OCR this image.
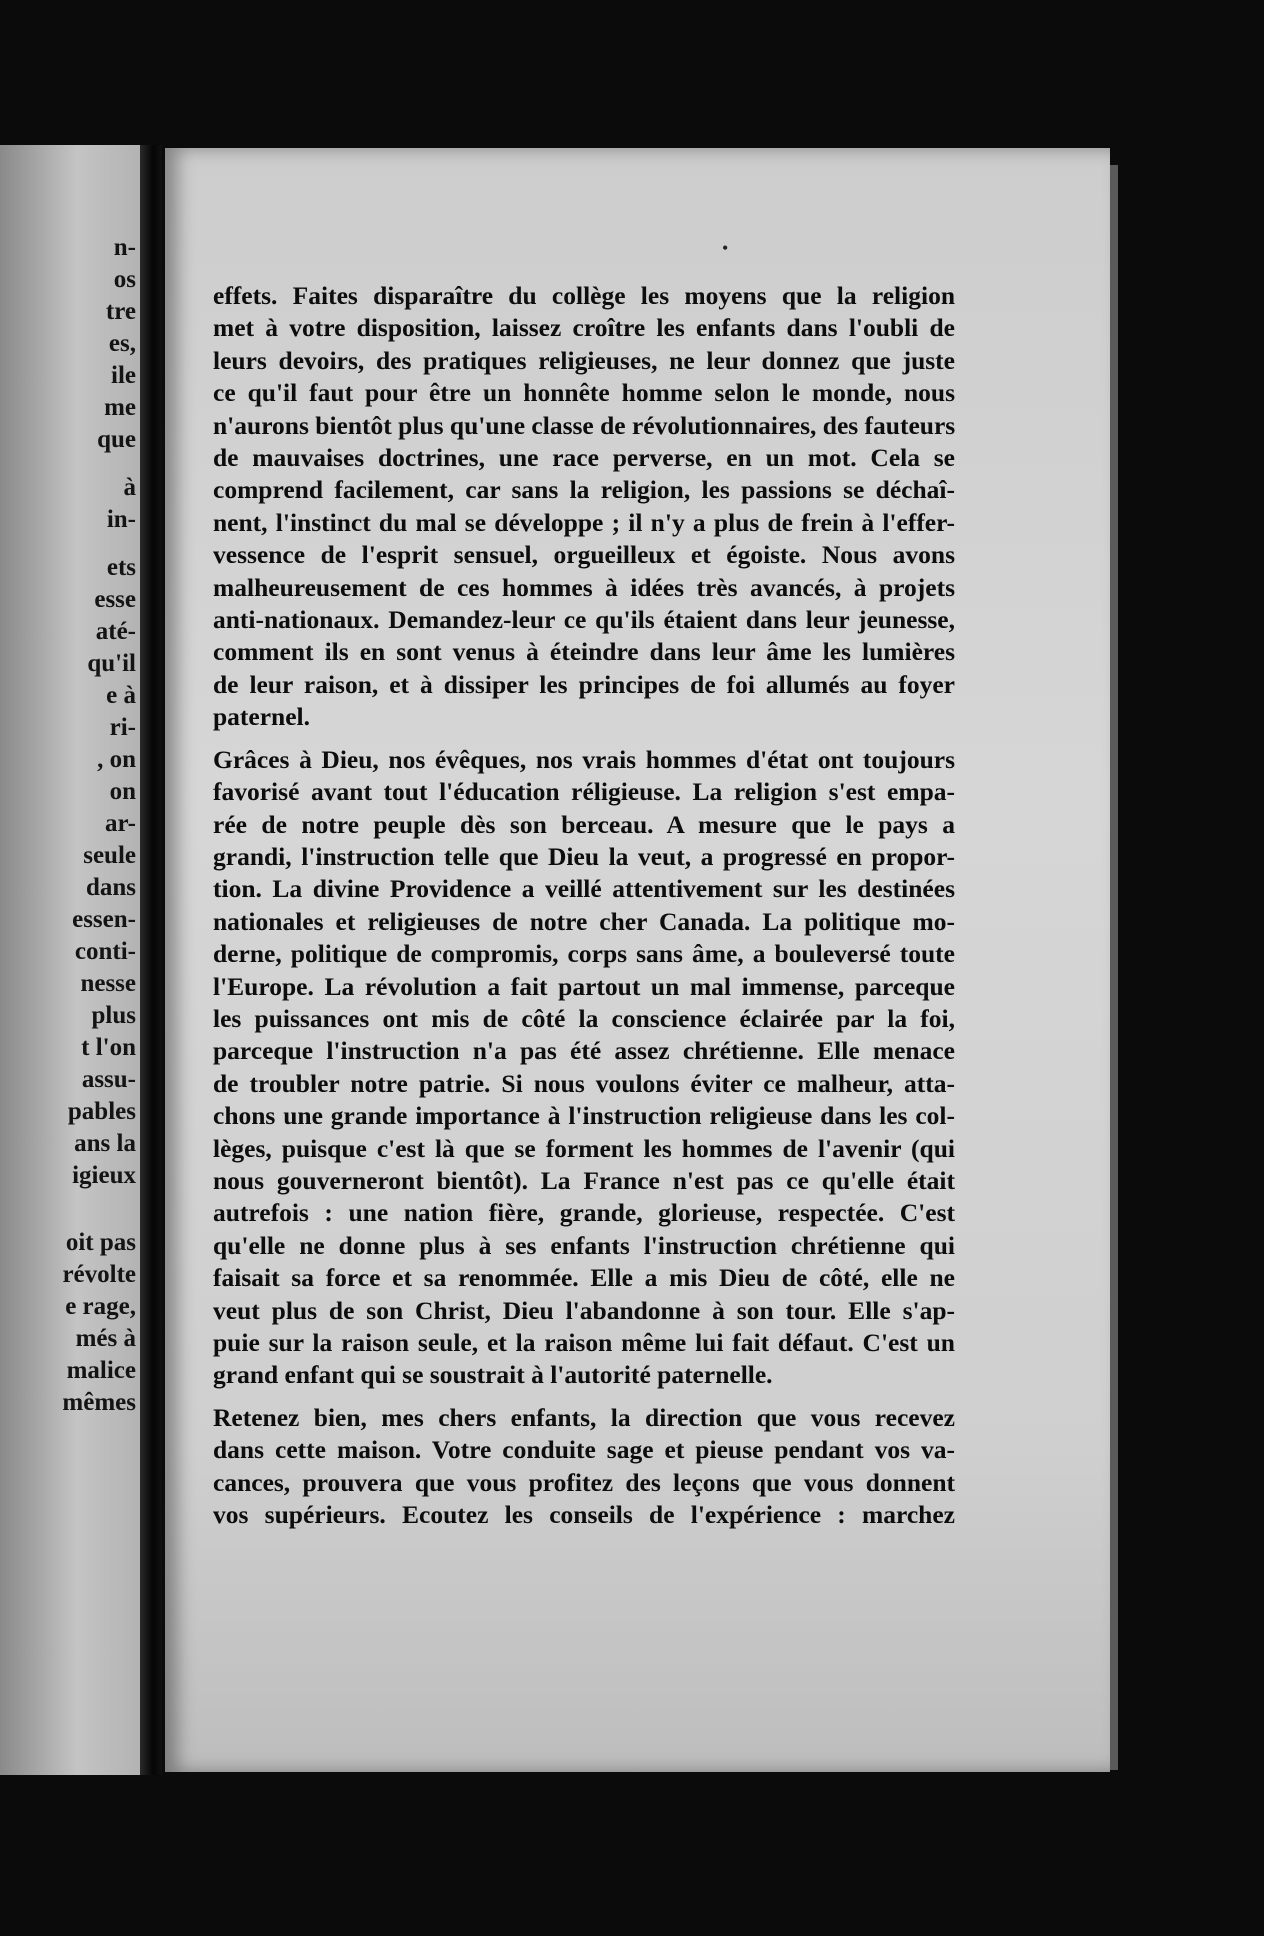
n-
os
tre
es,
ile
me
que
à
in-
ets
esse
até-
qu'il
e à
ri-
, on
on
ar-
seule
dans
essen-
conti-
nesse
plus
t l'on
assu-
pables
ans la
igieux
oit pas
révolte
e rage,
més à
malice
mêmes
•

effets. Faites disparaître du collège les moyens que la religion
met à votre disposition, laissez croître les enfants dans l'oubli de
leurs devoirs, des pratiques religieuses, ne leur donnez que juste
ce qu'il faut pour être un honnête homme selon le monde, nous
n'aurons bientôt plus qu'une classe de révolutionnaires, des fauteurs
de mauvaises doctrines, une race perverse, en un mot. Cela se
comprend facilement, car sans la religion, les passions se déchaî-
nent, l'instinct du mal se développe ; il n'y a plus de frein à l'effer-
vessence de l'esprit sensuel, orgueilleux et égoiste. Nous avons
malheureusement de ces hommes à idées très avancés, à projets
anti-nationaux. Demandez-leur ce qu'ils étaient dans leur jeunesse,
comment ils en sont venus à éteindre dans leur âme les lumières
de leur raison, et à dissiper les principes de foi allumés au foyer
paternel.

Grâces à Dieu, nos évêques, nos vrais hommes d'état ont toujours
favorisé avant tout l'éducation réligieuse. La religion s'est empa-
rée de notre peuple dès son berceau. A mesure que le pays a
grandi, l'instruction telle que Dieu la veut, a progressé en propor-
tion. La divine Providence a veillé attentivement sur les destinées
nationales et religieuses de notre cher Canada. La politique mo-
derne, politique de compromis, corps sans âme, a bouleversé toute
l'Europe. La révolution a fait partout un mal immense, parceque
les puissances ont mis de côté la conscience éclairée par la foi,
parceque l'instruction n'a pas été assez chrétienne. Elle menace
de troubler notre patrie. Si nous voulons éviter ce malheur, atta-
chons une grande importance à l'instruction religieuse dans les col-
lèges, puisque c'est là que se forment les hommes de l'avenir (qui
nous gouverneront bientôt). La France n'est pas ce qu'elle était
autrefois : une nation fière, grande, glorieuse, respectée. C'est
qu'elle ne donne plus à ses enfants l'instruction chrétienne qui
faisait sa force et sa renommée. Elle a mis Dieu de côté, elle ne
veut plus de son Christ, Dieu l'abandonne à son tour. Elle s'ap-
puie sur la raison seule, et la raison même lui fait défaut. C'est un
grand enfant qui se soustrait à l'autorité paternelle.

Retenez bien, mes chers enfants, la direction que vous recevez
dans cette maison. Votre conduite sage et pieuse pendant vos va-
cances, prouvera que vous profitez des leçons que vous donnent
vos supérieurs. Ecoutez les conseils de l'expérience : marchez
